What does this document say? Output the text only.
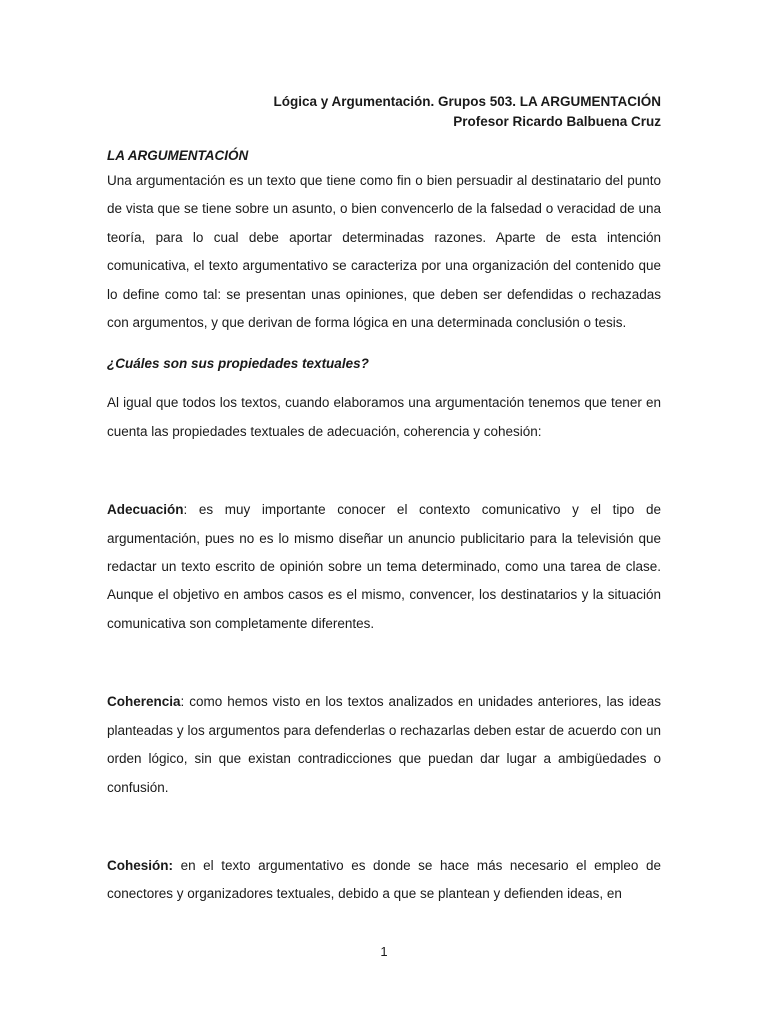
Lógica y Argumentación. Grupos 503. LA ARGUMENTACIÓN
Profesor Ricardo Balbuena Cruz

LA ARGUMENTACIÓN

Una argumentación es un texto que tiene como fin o bien persuadir al destinatario del punto de vista que se tiene sobre un asunto, o bien convencerlo de la falsedad o veracidad de una teoría, para lo cual debe aportar determinadas razones. Aparte de esta intención comunicativa, el texto argumentativo se caracteriza por una organización del contenido que lo define como tal: se presentan unas opiniones, que deben ser defendidas o rechazadas con argumentos, y que derivan de forma lógica en una determinada conclusión o tesis.

¿Cuáles son sus propiedades textuales?

Al igual que todos los textos, cuando elaboramos una argumentación tenemos que tener en cuenta las propiedades textuales de adecuación, coherencia y cohesión:

Adecuación: es muy importante conocer el contexto comunicativo y el tipo de argumentación, pues no es lo mismo diseñar un anuncio publicitario para la televisión que redactar un texto escrito de opinión sobre un tema determinado, como una tarea de clase. Aunque el objetivo en ambos casos es el mismo, convencer, los destinatarios y la situación comunicativa son completamente diferentes.

Coherencia: como hemos visto en los textos analizados en unidades anteriores, las ideas planteadas y los argumentos para defenderlas o rechazarlas deben estar de acuerdo con un orden lógico, sin que existan contradicciones que puedan dar lugar a ambigüedades o confusión.

Cohesión: en el texto argumentativo es donde se hace más necesario el empleo de conectores y organizadores textuales, debido a que se plantean y defienden ideas, en

1
